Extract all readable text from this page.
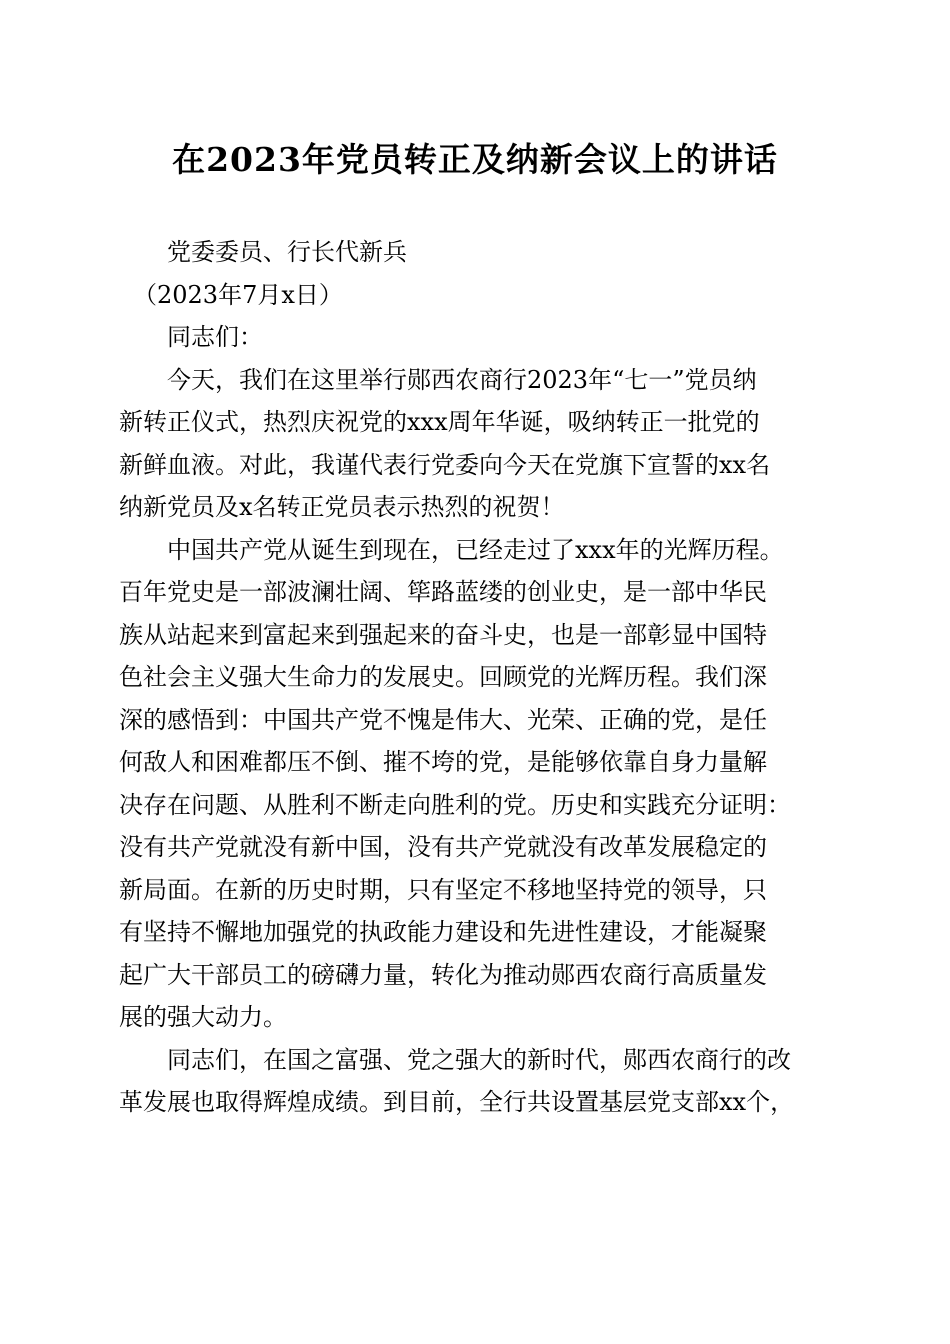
在2023年党员转正及纳新会议上的讲话
党委委员、行长代新兵
（2023年7月x日）
同志们：
今天，我们在这里举行郧西农商行2023年“七一”党员纳
新转正仪式，热烈庆祝党的xxx周年华诞，吸纳转正一批党的
新鲜血液。对此，我谨代表行党委向今天在党旗下宣誓的xx名
纳新党员及x名转正党员表示热烈的祝贺！
中国共产党从诞生到现在，已经走过了xxx年的光辉历程。
百年党史是一部波澜壮阔、筚路蓝缕的创业史，是一部中华民
族从站起来到富起来到强起来的奋斗史，也是一部彰显中国特
色社会主义强大生命力的发展史。回顾党的光辉历程。我们深
深的感悟到：中国共产党不愧是伟大、光荣、正确的党，是任
何敌人和困难都压不倒、摧不垮的党，是能够依靠自身力量解
决存在问题、从胜利不断走向胜利的党。历史和实践充分证明：
没有共产党就没有新中国，没有共产党就没有改革发展稳定的
新局面。在新的历史时期，只有坚定不移地坚持党的领导，只
有坚持不懈地加强党的执政能力建设和先进性建设，才能凝聚
起广大干部员工的磅礴力量，转化为推动郧西农商行高质量发
展的强大动力。
同志们，在国之富强、党之强大的新时代，郧西农商行的改
革发展也取得辉煌成绩。到目前，全行共设置基层党支部xx个，
